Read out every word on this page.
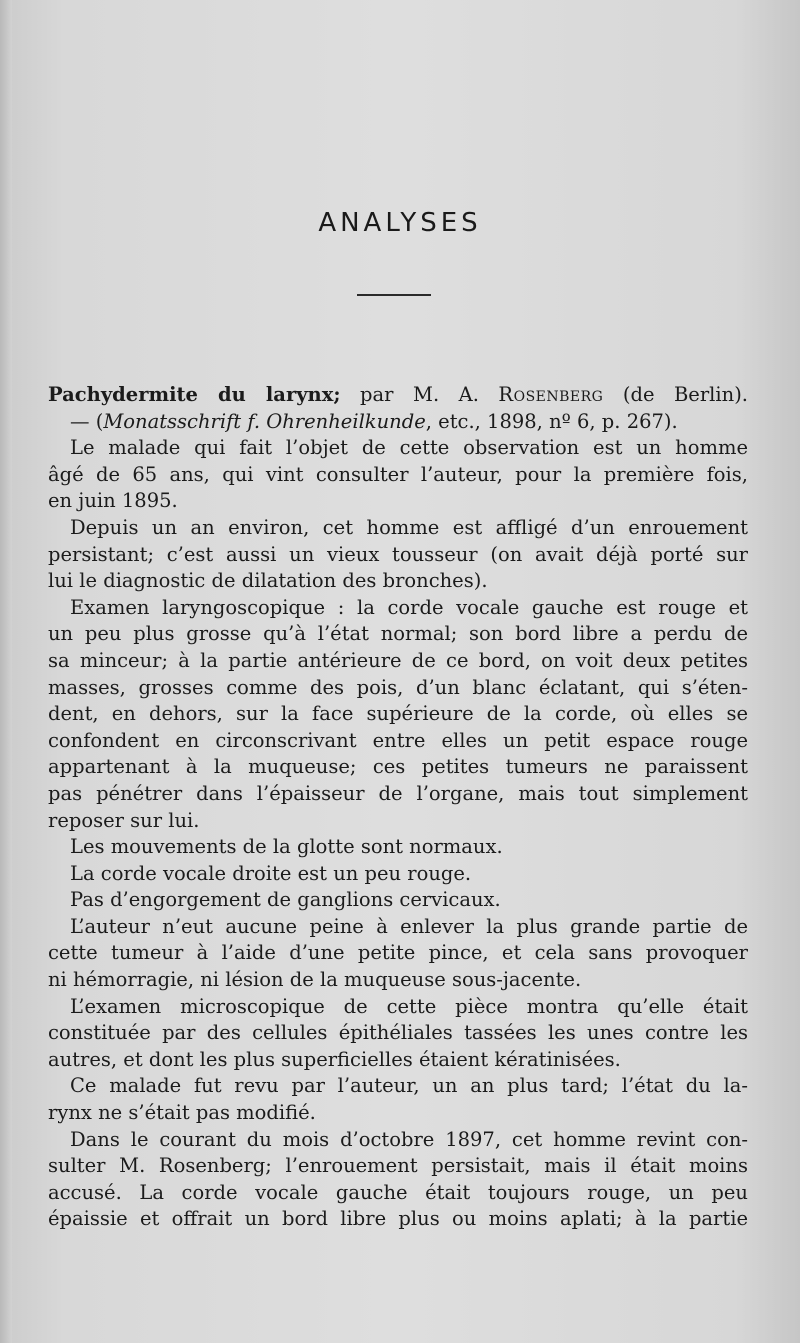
ANALYSES
Pachydermite du larynx; par M. A. Rosenberg (de Berlin).
— (Monatsschrift f. Ohrenheilkunde, etc., 1898, nº 6, p. 267).
Le malade qui fait l’objet de cette observation est un homme
âgé de 65 ans, qui vint consulter l’auteur, pour la première fois,
en juin 1895.
Depuis un an environ, cet homme est affligé d’un enrouement
persistant; c’est aussi un vieux tousseur (on avait déjà porté sur
lui le diagnostic de dilatation des bronches).
Examen laryngoscopique : la corde vocale gauche est rouge et
un peu plus grosse qu’à l’état normal; son bord libre a perdu de
sa minceur; à la partie antérieure de ce bord, on voit deux petites
masses, grosses comme des pois, d’un blanc éclatant, qui s’éten-
dent, en dehors, sur la face supérieure de la corde, où elles se
confondent en circonscrivant entre elles un petit espace rouge
appartenant à la muqueuse; ces petites tumeurs ne paraissent
pas pénétrer dans l’épaisseur de l’organe, mais tout simplement
reposer sur lui.
Les mouvements de la glotte sont normaux.
La corde vocale droite est un peu rouge.
Pas d’engorgement de ganglions cervicaux.
L’auteur n’eut aucune peine à enlever la plus grande partie de
cette tumeur à l’aide d’une petite pince, et cela sans provoquer
ni hémorragie, ni lésion de la muqueuse sous-jacente.
L’examen microscopique de cette pièce montra qu’elle était
constituée par des cellules épithéliales tassées les unes contre les
autres, et dont les plus superficielles étaient kératinisées.
Ce malade fut revu par l’auteur, un an plus tard; l’état du la-
rynx ne s’était pas modifié.
Dans le courant du mois d’octobre 1897, cet homme revint con-
sulter M. Rosenberg; l’enrouement persistait, mais il était moins
accusé. La corde vocale gauche était toujours rouge, un peu
épaissie et offrait un bord libre plus ou moins aplati; à la partie
